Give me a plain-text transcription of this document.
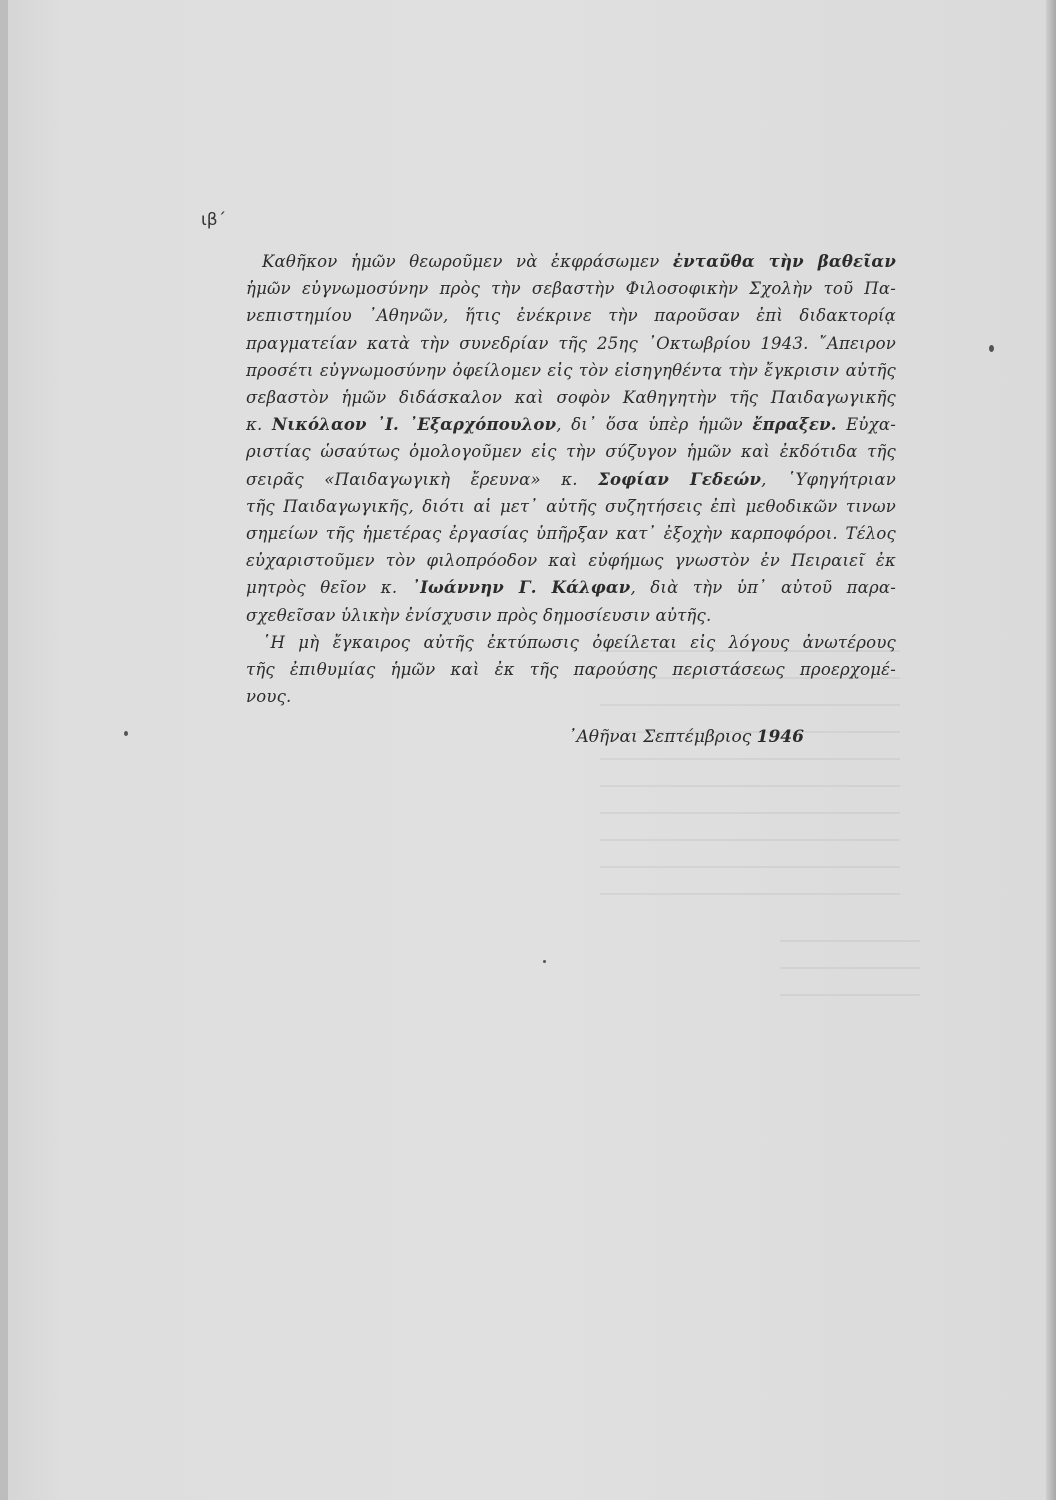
ιβ΄
Καθῆκον ἡμῶν θεωροῦμεν νὰ ἐκφράσωμεν ἐνταῦθα τὴν βαθεῖαν
ἡμῶν εὐγνωμοσύνην πρὸς τὴν σεβαστὴν Φιλοσοφικὴν Σχολὴν τοῦ Πα-
νεπιστημίου ᾿Αθηνῶν, ἥτις ἐνέκρινε τὴν παροῦσαν ἐπὶ διδακτορίᾳ
πραγματείαν κατὰ τὴν συνεδρίαν τῆς 25ης ᾿Οκτωβρίου 1943. ῎Απειρον
προσέτι εὐγνωμοσύνην ὀφείλομεν εἰς τὸν εἰσηγηθέντα τὴν ἔγκρισιν αὐτῆς
σεβαστὸν ἡμῶν διδάσκαλον καὶ σοφὸν Καθηγητὴν τῆς Παιδαγωγικῆς
κ. Νικόλαον ᾿Ι. ᾿Εξαρχόπουλον, δι᾿ ὅσα ὑπὲρ ἡμῶν ἔπραξεν. Εὐχα-
ριστίας ὡσαύτως ὁμολογοῦμεν εἰς τὴν σύζυγον ἡμῶν καὶ ἐκδότιδα τῆς
σειρᾶς «Παιδαγωγικὴ ἔρευνα» κ. Σοφίαν Γεδεών, ῾Υφηγήτριαν
τῆς Παιδαγωγικῆς, διότι αἱ μετ᾿ αὐτῆς συζητήσεις ἐπὶ μεθοδικῶν τινων
σημείων τῆς ἡμετέρας ἐργασίας ὑπῆρξαν κατ᾿ ἐξοχὴν καρποφόροι. Τέλος
εὐχαριστοῦμεν τὸν φιλοπρόοδον καὶ εὐφήμως γνωστὸν ἐν Πειραιεῖ ἐκ
μητρὸς θεῖον κ. ᾿Ιωάννην Γ. Κάλφαν, διὰ τὴν ὑπ᾿ αὐτοῦ παρα-
σχεθεῖσαν ὑλικὴν ἐνίσχυσιν πρὸς δημοσίευσιν αὐτῆς.
῾Η μὴ ἔγκαιρος αὐτῆς ἐκτύπωσις ὀφείλεται εἰς λόγους ἀνωτέρους
τῆς ἐπιθυμίας ἡμῶν καὶ ἐκ τῆς παρούσης περιστάσεως προερχομέ-
νους.
᾿Αθῆναι Σεπτέμβριος 1946
